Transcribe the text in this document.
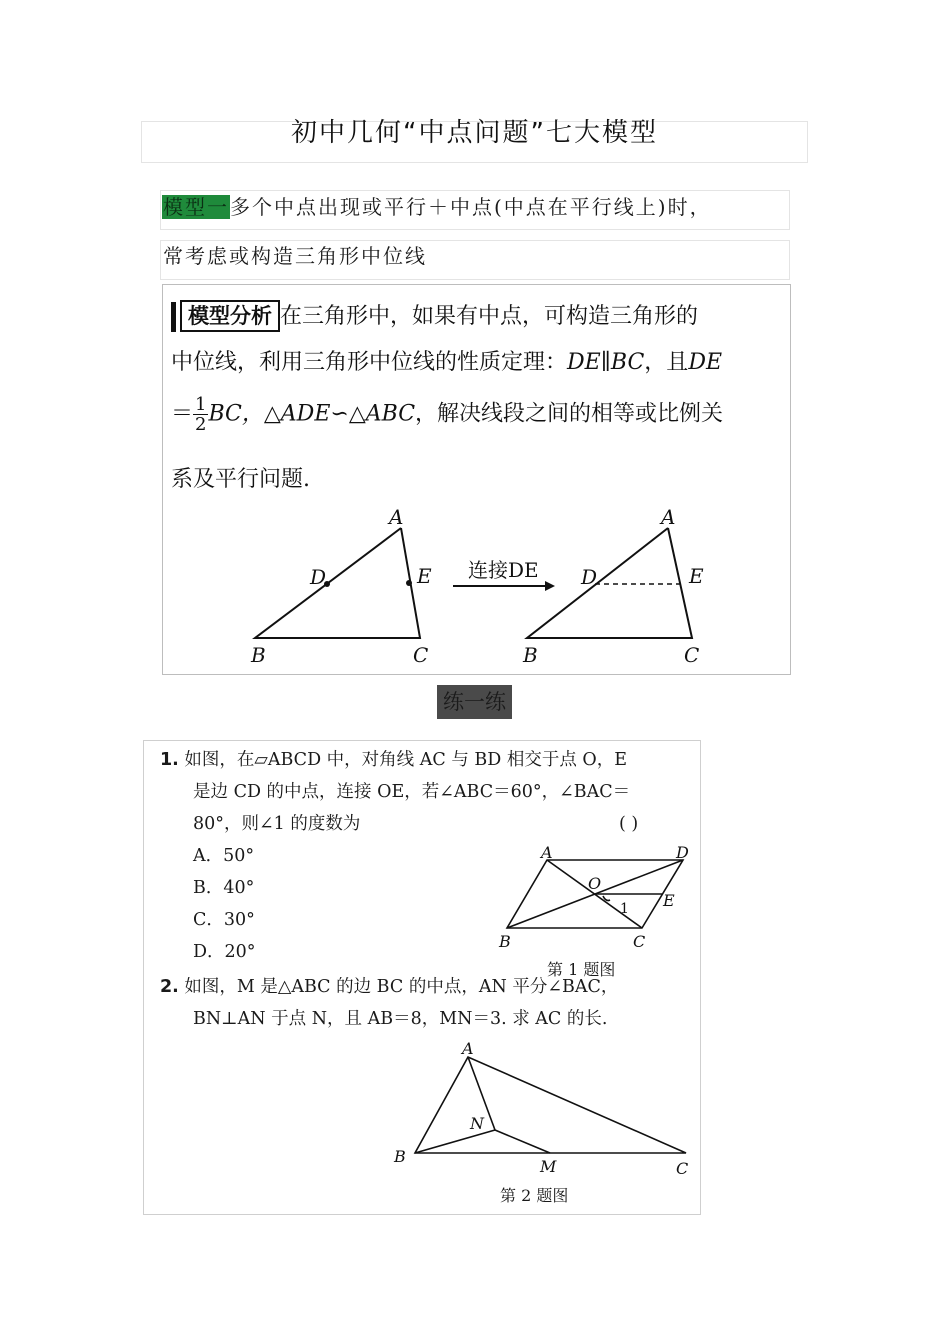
初中几何“中点问题”七大模型
模型一多个中点出现或平行＋中点(中点在平行线上)时，
常考虑或构造三角形中位线
模型分析 在三角形中，如果有中点，可构造三角形的
中位线，利用三角形中位线的性质定理：DE∥BC，且DE
＝ $\frac{1}{2}$ BC，△ADE∽△ABC，解决线段之间的相等或比例关
系及平行问题.
A
D	E
B	C
连接DE
A
D	E
B	C
练一练
1. 如图，在▱ABCD 中，对角线 AC 与 BD 相交于点 O，E
是边 CD 的中点，连接 OE，若∠ABC＝60°，∠BAC＝
80°，则∠1 的度数为	( )
A．50°
B．40°
C．30°
D．20°
A	D
O
E
1
B	C
第 1 题图
2. 如图，M 是△ABC 的边 BC 的中点，AN 平分∠BAC，
BN⊥AN 于点 N，且 AB＝8，MN＝3. 求 AC 的长.
A
N
B
M	C
第 2 题图
